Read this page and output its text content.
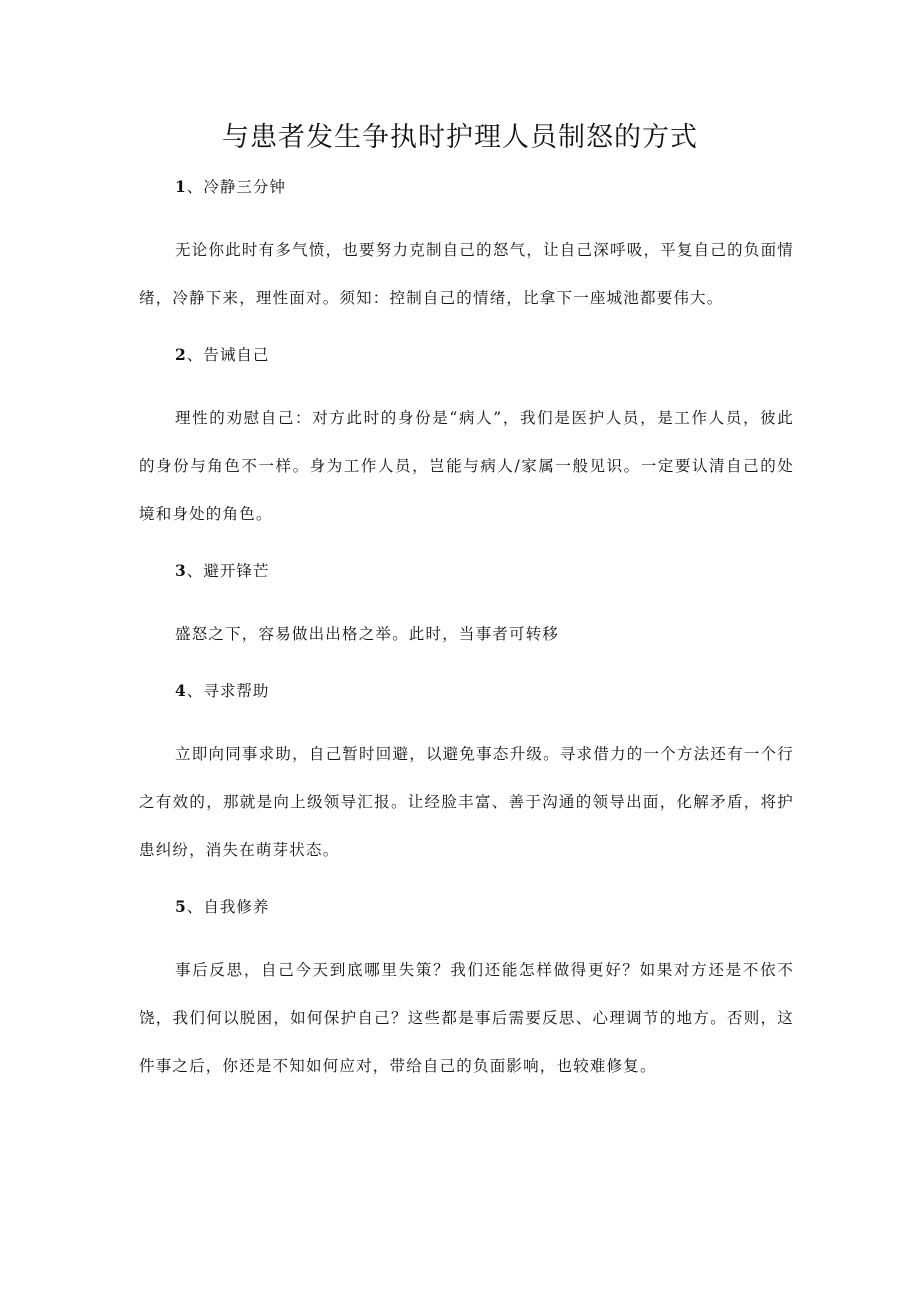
与患者发生争执时护理人员制怒的方式

1、冷静三分钟

无论你此时有多气愤，也要努力克制自己的怒气，让自己深呼吸，平复自己的负面情绪，冷静下来，理性面对。须知：控制自己的情绪，比拿下一座城池都要伟大。

2、告诫自己

理性的劝慰自己：对方此时的身份是“病人”，我们是医护人员，是工作人员，彼此的身份与角色不一样。身为工作人员，岂能与病人/家属一般见识。一定要认清自己的处境和身处的角色。

3、避开锋芒

盛怒之下，容易做出出格之举。此时，当事者可转移

4、寻求帮助

立即向同事求助，自己暂时回避，以避免事态升级。寻求借力的一个方法还有一个行之有效的，那就是向上级领导汇报。让经脸丰富、善于沟通的领导出面，化解矛盾，将护患纠纷，消失在萌芽状态。

5、自我修养

事后反思，自己今天到底哪里失策？我们还能怎样做得更好？如果对方还是不依不饶，我们何以脱困，如何保护自己？这些都是事后需要反思、心理调节的地方。否则，这件事之后，你还是不知如何应对，带给自己的负面影响，也较难修复。
